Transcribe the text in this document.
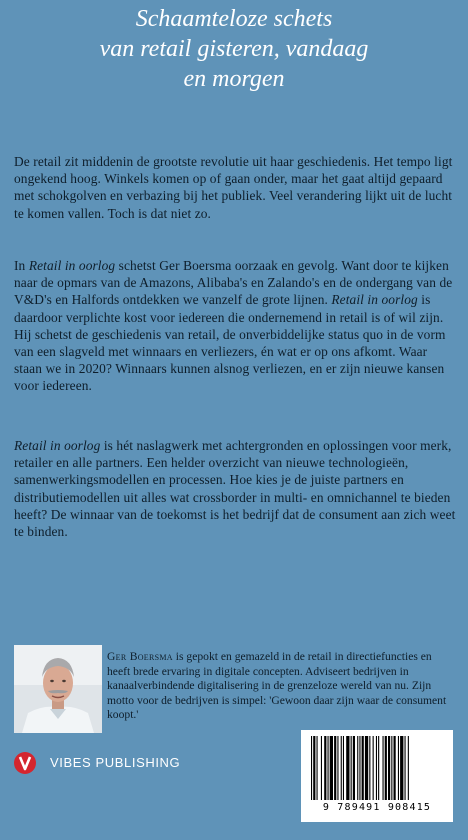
Schaamteloze schets
van retail gisteren, vandaag
en morgen

De retail zit middenin de grootste revolutie uit haar geschiedenis. Het tempo ligt ongekend hoog. Winkels komen op of gaan onder, maar het gaat altijd gepaard met schokgolven en verbazing bij het publiek. Veel verandering lijkt uit de lucht te komen vallen. Toch is dat niet zo.

In Retail in oorlog schetst Ger Boersma oorzaak en gevolg. Want door te kijken naar de opmars van de Amazons, Alibaba's en Zalando's en de ondergang van de V&D's en Halfords ontdekken we vanzelf de grote lijnen. Retail in oorlog is daardoor verplichte kost voor iedereen die ondernemend in retail is of wil zijn. Hij schetst de geschiedenis van retail, de onverbiddelijke status quo in de vorm van een slagveld met winnaars en verliezers, én wat er op ons afkomt. Waar staan we in 2020? Winnaars kunnen alsnog verliezen, en er zijn nieuwe kansen voor iedereen.

Retail in oorlog is hét naslagwerk met achtergronden en oplossingen voor merk, retailer en alle partners. Een helder overzicht van nieuwe technologieën, samenwerkingsmodellen en processen. Hoe kies je de juiste partners en distributiemodellen uit alles wat crossborder in multi- en omnichannel te bieden heeft? De winnaar van de toekomst is het bedrijf dat de consument aan zich weet te binden.

Ger Boersma is gepokt en gemazeld in de retail in directiefuncties en heeft brede ervaring in digitale concepten. Adviseert bedrijven in kanaalverbindende digitalisering in de grenzeloze wereld van nu. Zijn motto voor de bedrijven is simpel: 'Gewoon daar zijn waar de consument koopt.'

VIBES PUBLISHING
9 789491 908415
